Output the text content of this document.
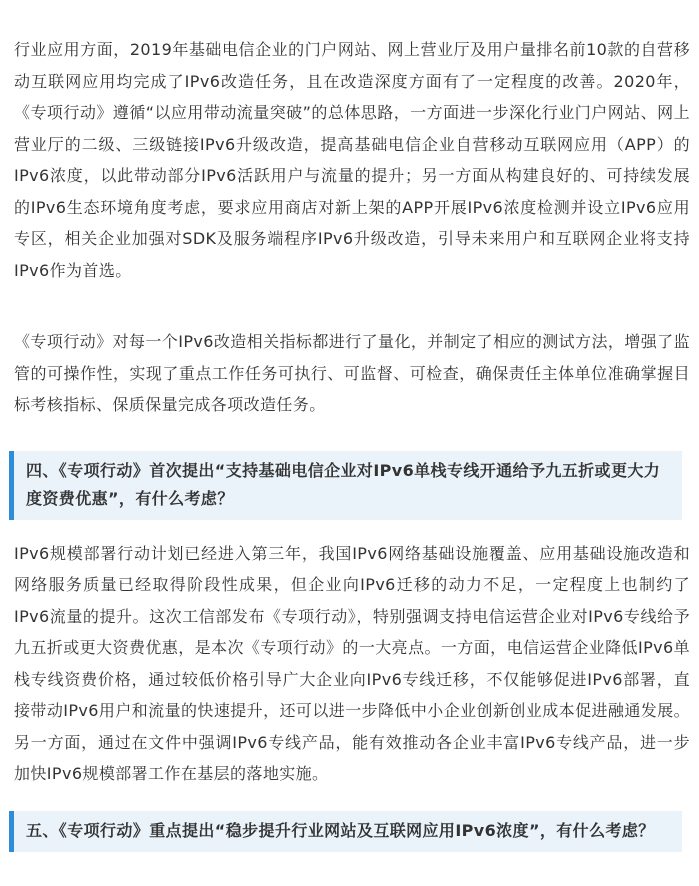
行业应用方面，2019年基础电信企业的门户网站、网上营业厅及用户量排名前10款的自营移动互联网应用均完成了IPv6改造任务，且在改造深度方面有了一定程度的改善。2020年，《专项行动》遵循“以应用带动流量突破”的总体思路，一方面进一步深化行业门户网站、网上营业厅的二级、三级链接IPv6升级改造，提高基础电信企业自营移动互联网应用（APP）的IPv6浓度，以此带动部分IPv6活跃用户与流量的提升；另一方面从构建良好的、可持续发展的IPv6生态环境角度考虑，要求应用商店对新上架的APP开展IPv6浓度检测并设立IPv6应用专区，相关企业加强对SDK及服务端程序IPv6升级改造，引导未来用户和互联网企业将支持IPv6作为首选。

《专项行动》对每一个IPv6改造相关指标都进行了量化，并制定了相应的测试方法，增强了监管的可操作性，实现了重点工作任务可执行、可监督、可检查，确保责任主体单位准确掌握目标考核指标、保质保量完成各项改造任务。

四、《专项行动》首次提出“支持基础电信企业对IPv6单栈专线开通给予九五折或更大力度资费优惠”，有什么考虑？

IPv6规模部署行动计划已经进入第三年，我国IPv6网络基础设施覆盖、应用基础设施改造和网络服务质量已经取得阶段性成果，但企业向IPv6迁移的动力不足，一定程度上也制约了IPv6流量的提升。这次工信部发布《专项行动》，特别强调支持电信运营企业对IPv6专线给予九五折或更大资费优惠，是本次《专项行动》的一大亮点。一方面，电信运营企业降低IPv6单栈专线资费价格，通过较低价格引导广大企业向IPv6专线迁移，不仅能够促进IPv6部署，直接带动IPv6用户和流量的快速提升，还可以进一步降低中小企业创新创业成本促进融通发展。另一方面，通过在文件中强调IPv6专线产品，能有效推动各企业丰富IPv6专线产品，进一步加快IPv6规模部署工作在基层的落地实施。

五、《专项行动》重点提出“稳步提升行业网站及互联网应用IPv6浓度”，有什么考虑？
